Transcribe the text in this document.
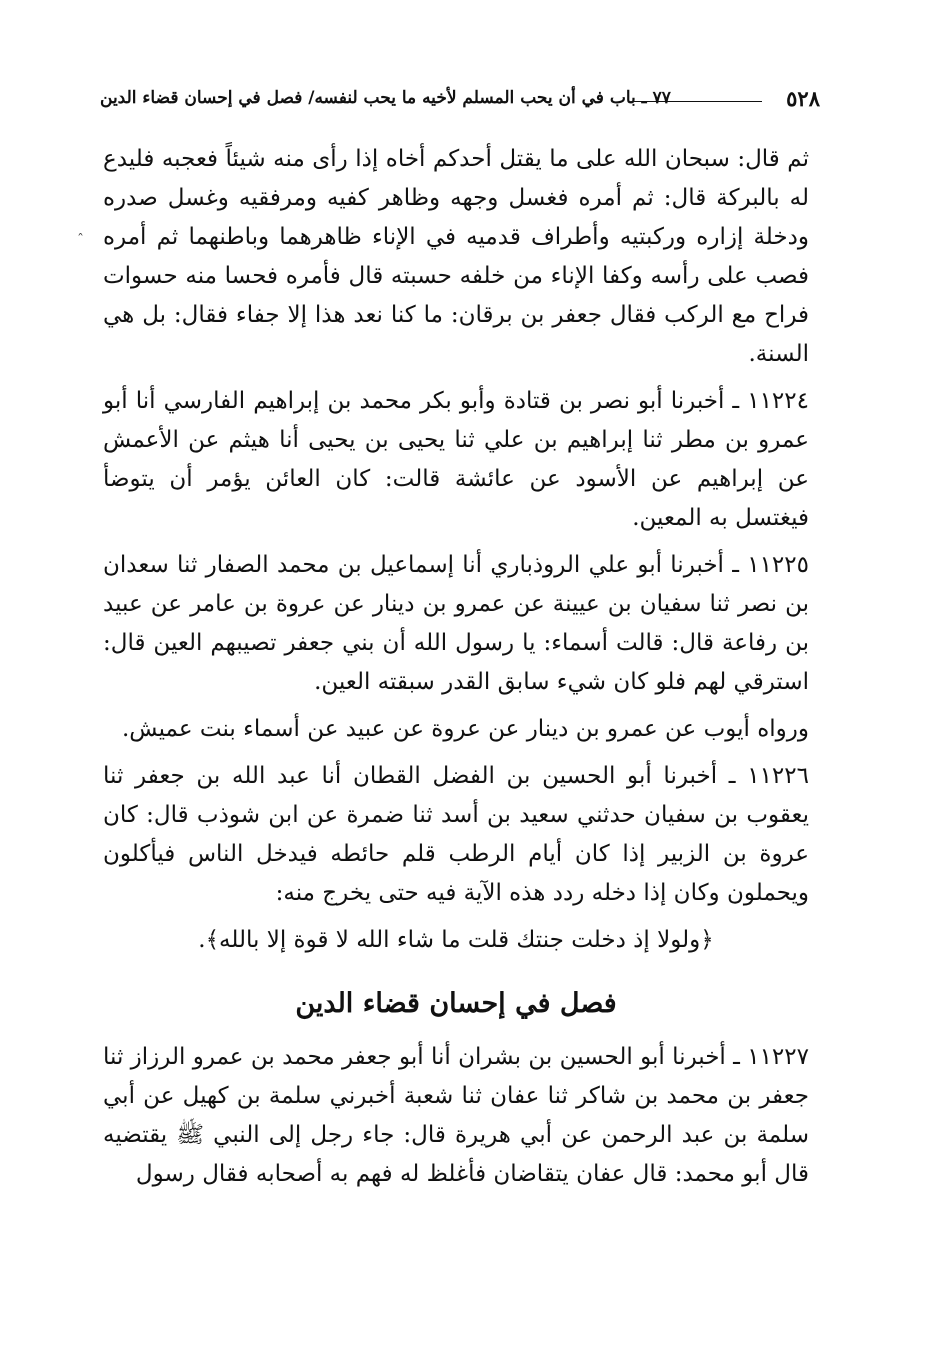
٥٢٨
٧٧ ـ باب في أن يحب المسلم لأخيه ما يحب لنفسه/ فصل في إحسان قضاء الدين
ˆ

ثم قال: سبحان الله على ما يقتل أحدكم أخاه إذا رأى منه شيئاً فعجبه فليدع له بالبركة قال: ثم أمره فغسل وجهه وظاهر كفيه ومرفقيه وغسل صدره ودخلة إزاره وركبتيه وأطراف قدميه في الإناء ظاهرهما وباطنهما ثم أمره فصب على رأسه وكفا الإناء من خلفه حسبته قال فأمره فحسا منه حسوات فراح مع الركب فقال جعفر بن برقان: ما كنا نعد هذا إلا جفاء فقال: بل هي السنة.

١١٢٢٤ ـ أخبرنا أبو نصر بن قتادة وأبو بكر محمد بن إبراهيم الفارسي أنا أبو عمرو بن مطر ثنا إبراهيم بن علي ثنا يحيى بن يحيى أنا هيثم عن الأعمش عن إبراهيم عن الأسود عن عائشة قالت: كان العائن يؤمر أن يتوضأ فيغتسل به المعين.

١١٢٢٥ ـ أخبرنا أبو علي الروذباري أنا إسماعيل بن محمد الصفار ثنا سعدان بن نصر ثنا سفيان بن عيينة عن عمرو بن دينار عن عروة بن عامر عن عبيد بن رفاعة قال: قالت أسماء: يا رسول الله أن بني جعفر تصيبهم العين قال: استرقي لهم فلو كان شيء سابق القدر سبقته العين.

ورواه أيوب عن عمرو بن دينار عن عروة عن عبيد عن أسماء بنت عميش.

١١٢٢٦ ـ أخبرنا أبو الحسين بن الفضل القطان أنا عبد الله بن جعفر ثنا يعقوب بن سفيان حدثني سعيد بن أسد ثنا ضمرة عن ابن شوذب قال: كان عروة بن الزبير إذا كان أيام الرطب قلم حائطه فيدخل الناس فيأكلون ويحملون وكان إذا دخله ردد هذه الآية فيه حتى يخرج منه:

﴿ولولا إذ دخلت جنتك قلت ما شاء الله لا قوة إلا بالله﴾.

فصل في إحسان قضاء الدين

١١٢٢٧ ـ أخبرنا أبو الحسين بن بشران أنا أبو جعفر محمد بن عمرو الرزاز ثنا جعفر بن محمد بن شاكر ثنا عفان ثنا شعبة أخبرني سلمة بن كهيل عن أبي سلمة بن عبد الرحمن عن أبي هريرة قال: جاء رجل إلى النبي ﷺ يقتضيه قال أبو محمد: قال عفان يتقاضان فأغلظ له فهم به أصحابه فقال رسول
